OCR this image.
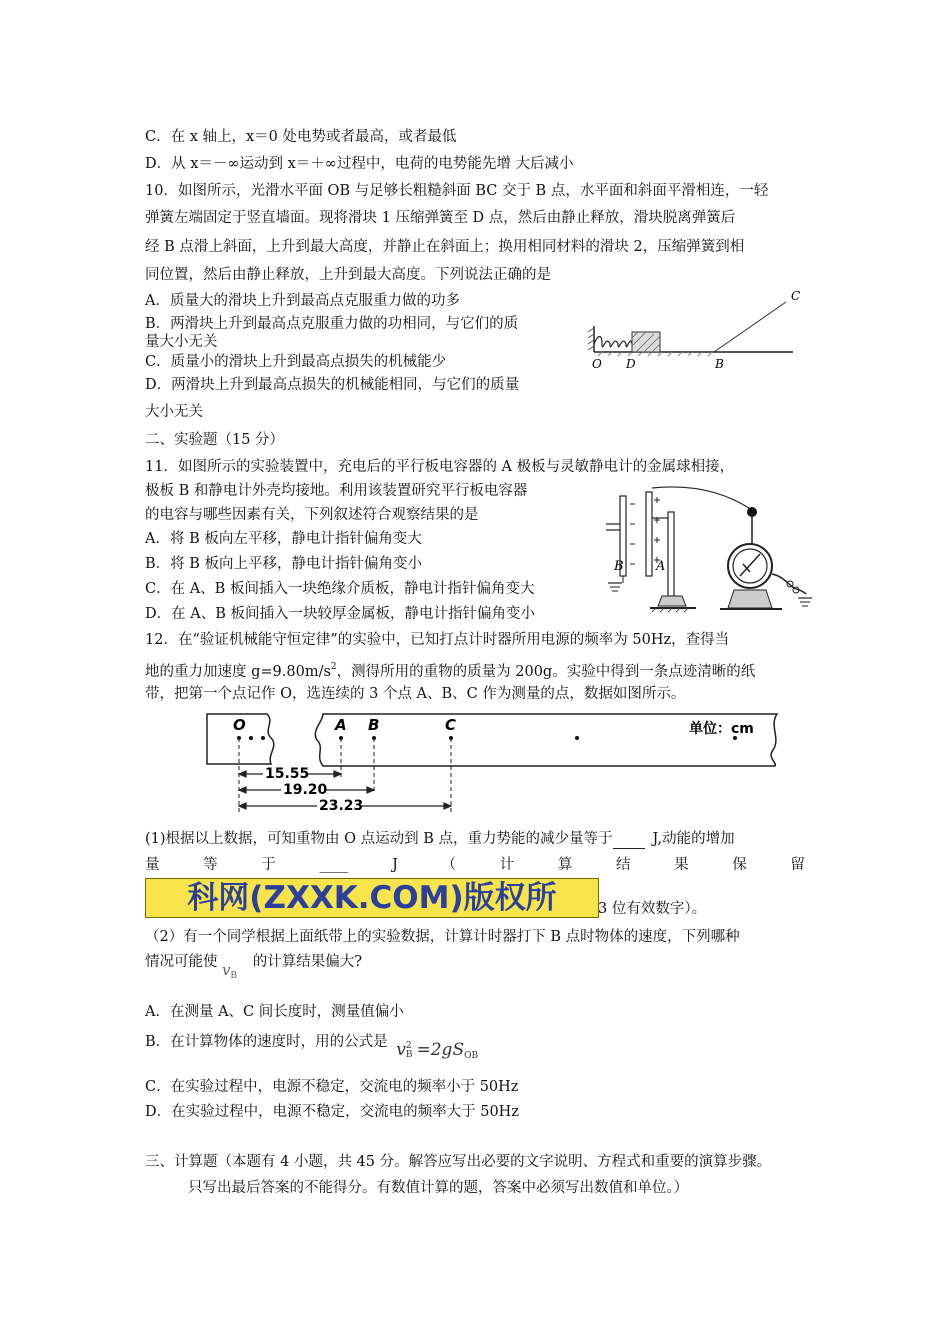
C．在 x 轴上，x＝0 处电势或者最高，或者最低
D．从 x＝－∞运动到 x＝＋∞过程中，电荷的电势能先增 大后减小
10．如图所示，光滑水平面 OB 与足够长粗糙斜面 BC 交于 B 点，水平面和斜面平滑相连，一轻
弹簧左端固定于竖直墙面。现将滑块 1 压缩弹簧至 D 点，然后由静止释放，滑块脱离弹簧后
经 B 点滑上斜面，上升到最大高度，并静止在斜面上；换用相同材料的滑块 2，压缩弹簧到相
同位置，然后由静止释放，上升到最大高度。下列说法正确的是
A．质量大的滑块上升到最高点克服重力做的功多
B．两滑块上升到最高点克服重力做的功相同，与它们的质
量大小无关
C．质量小的滑块上升到最高点损失的机械能少
D．两滑块上升到最高点损失的机械能相同，与它们的质量
大小无关
O D	B
C
二、实验题（15 分）
11．如图所示的实验装置中，充电后的平行板电容器的 A 极板与灵敏静电计的金属球相接，
极板 B 和静电计外壳均接地。利用该装置研究平行板电容器
的电容与哪些因素有关，下列叙述符合观察结果的是
A．将 B 板向左平移，静电计指针偏角变大
B．将 B 板向上平移，静电计指针偏角变小
C．在 A、B 板间插入一块绝缘介质板，静电计指针偏角变大
D．在 A、B 板间插入一块较厚金属板，静电计指针偏角变小
B A
12．在“验证机械能守恒定律”的实验中，已知打点计时器所用电源的频率为 50Hz，查得当
地的重力加速度 $g=9.80m/s^2$，测得所用的重物的质量为 200g。实验中得到一条点迹清晰的纸
带，把第一个点记作 O，选连续的 3 个点 A、B、C 作为测量的点，数据如图所示。
O	A B	C	单位：cm
15.55
19.20
23.23
(1)根据以上数据，可知重物由 O 点运动到 B 点，重力势能的减少量等于	J,动能的增加
量	等	于	____	J	（	计	算	结	果	保	留
科网(ZXXK.COM)版权所	3 位有效数字）。
（2）有一个同学根据上面纸带上的实验数据，计算计时器打下 B 点时物体的速度，下列哪种
情况可能使 $v_B$ 的计算结果偏大?
A．在测量 A、C 间长度时，测量值偏小
B．在计算物体的速度时，用的公式是 v 2
$B =2gS_{OB}$
C．在实验过程中，电源不稳定，交流电的频率小于 50Hz
D．在实验过程中，电源不稳定，交流电的频率大于 50Hz
三、计算题（本题有 4 小题，共 45 分。解答应写出必要的文字说明、方程式和重要的演算步骤。
只写出最后答案的不能得分。有数值计算的题，答案中必须写出数值和单位。）
